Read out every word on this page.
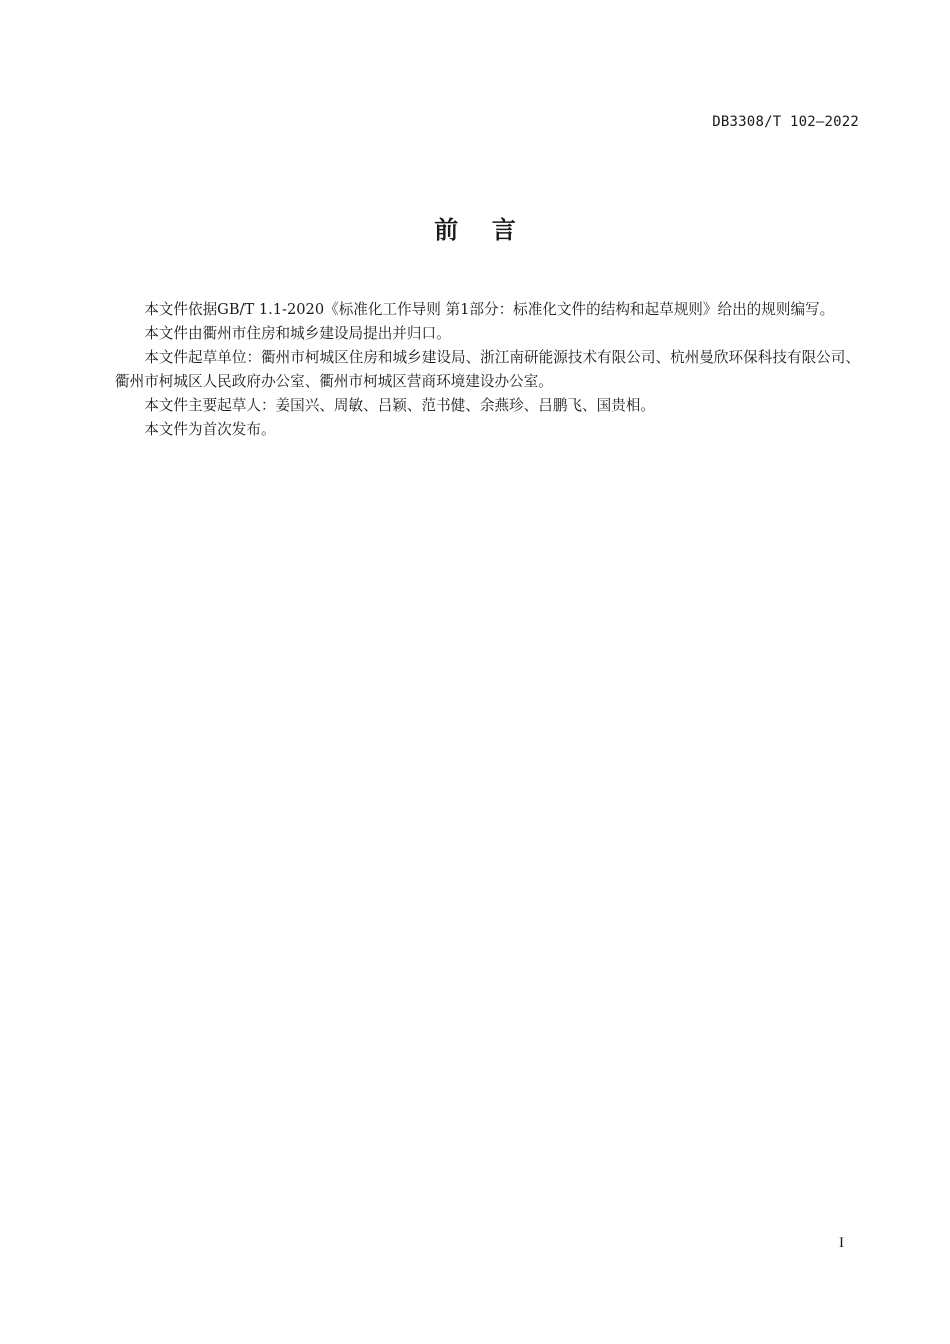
DB3308/T 102—2022
前    言

本文件依据GB/T 1.1-2020《标准化工作导则 第1部分：标准化文件的结构和起草规则》给出的规则编写。

本文件由衢州市住房和城乡建设局提出并归口。

本文件起草单位：衢州市柯城区住房和城乡建设局、浙江南研能源技术有限公司、杭州曼欣环保科技有限公司、衢州市柯城区人民政府办公室、衢州市柯城区营商环境建设办公室。

本文件主要起草人：姜国兴、周敏、吕颖、范书健、余燕珍、吕鹏飞、国贵相。

本文件为首次发布。

I
